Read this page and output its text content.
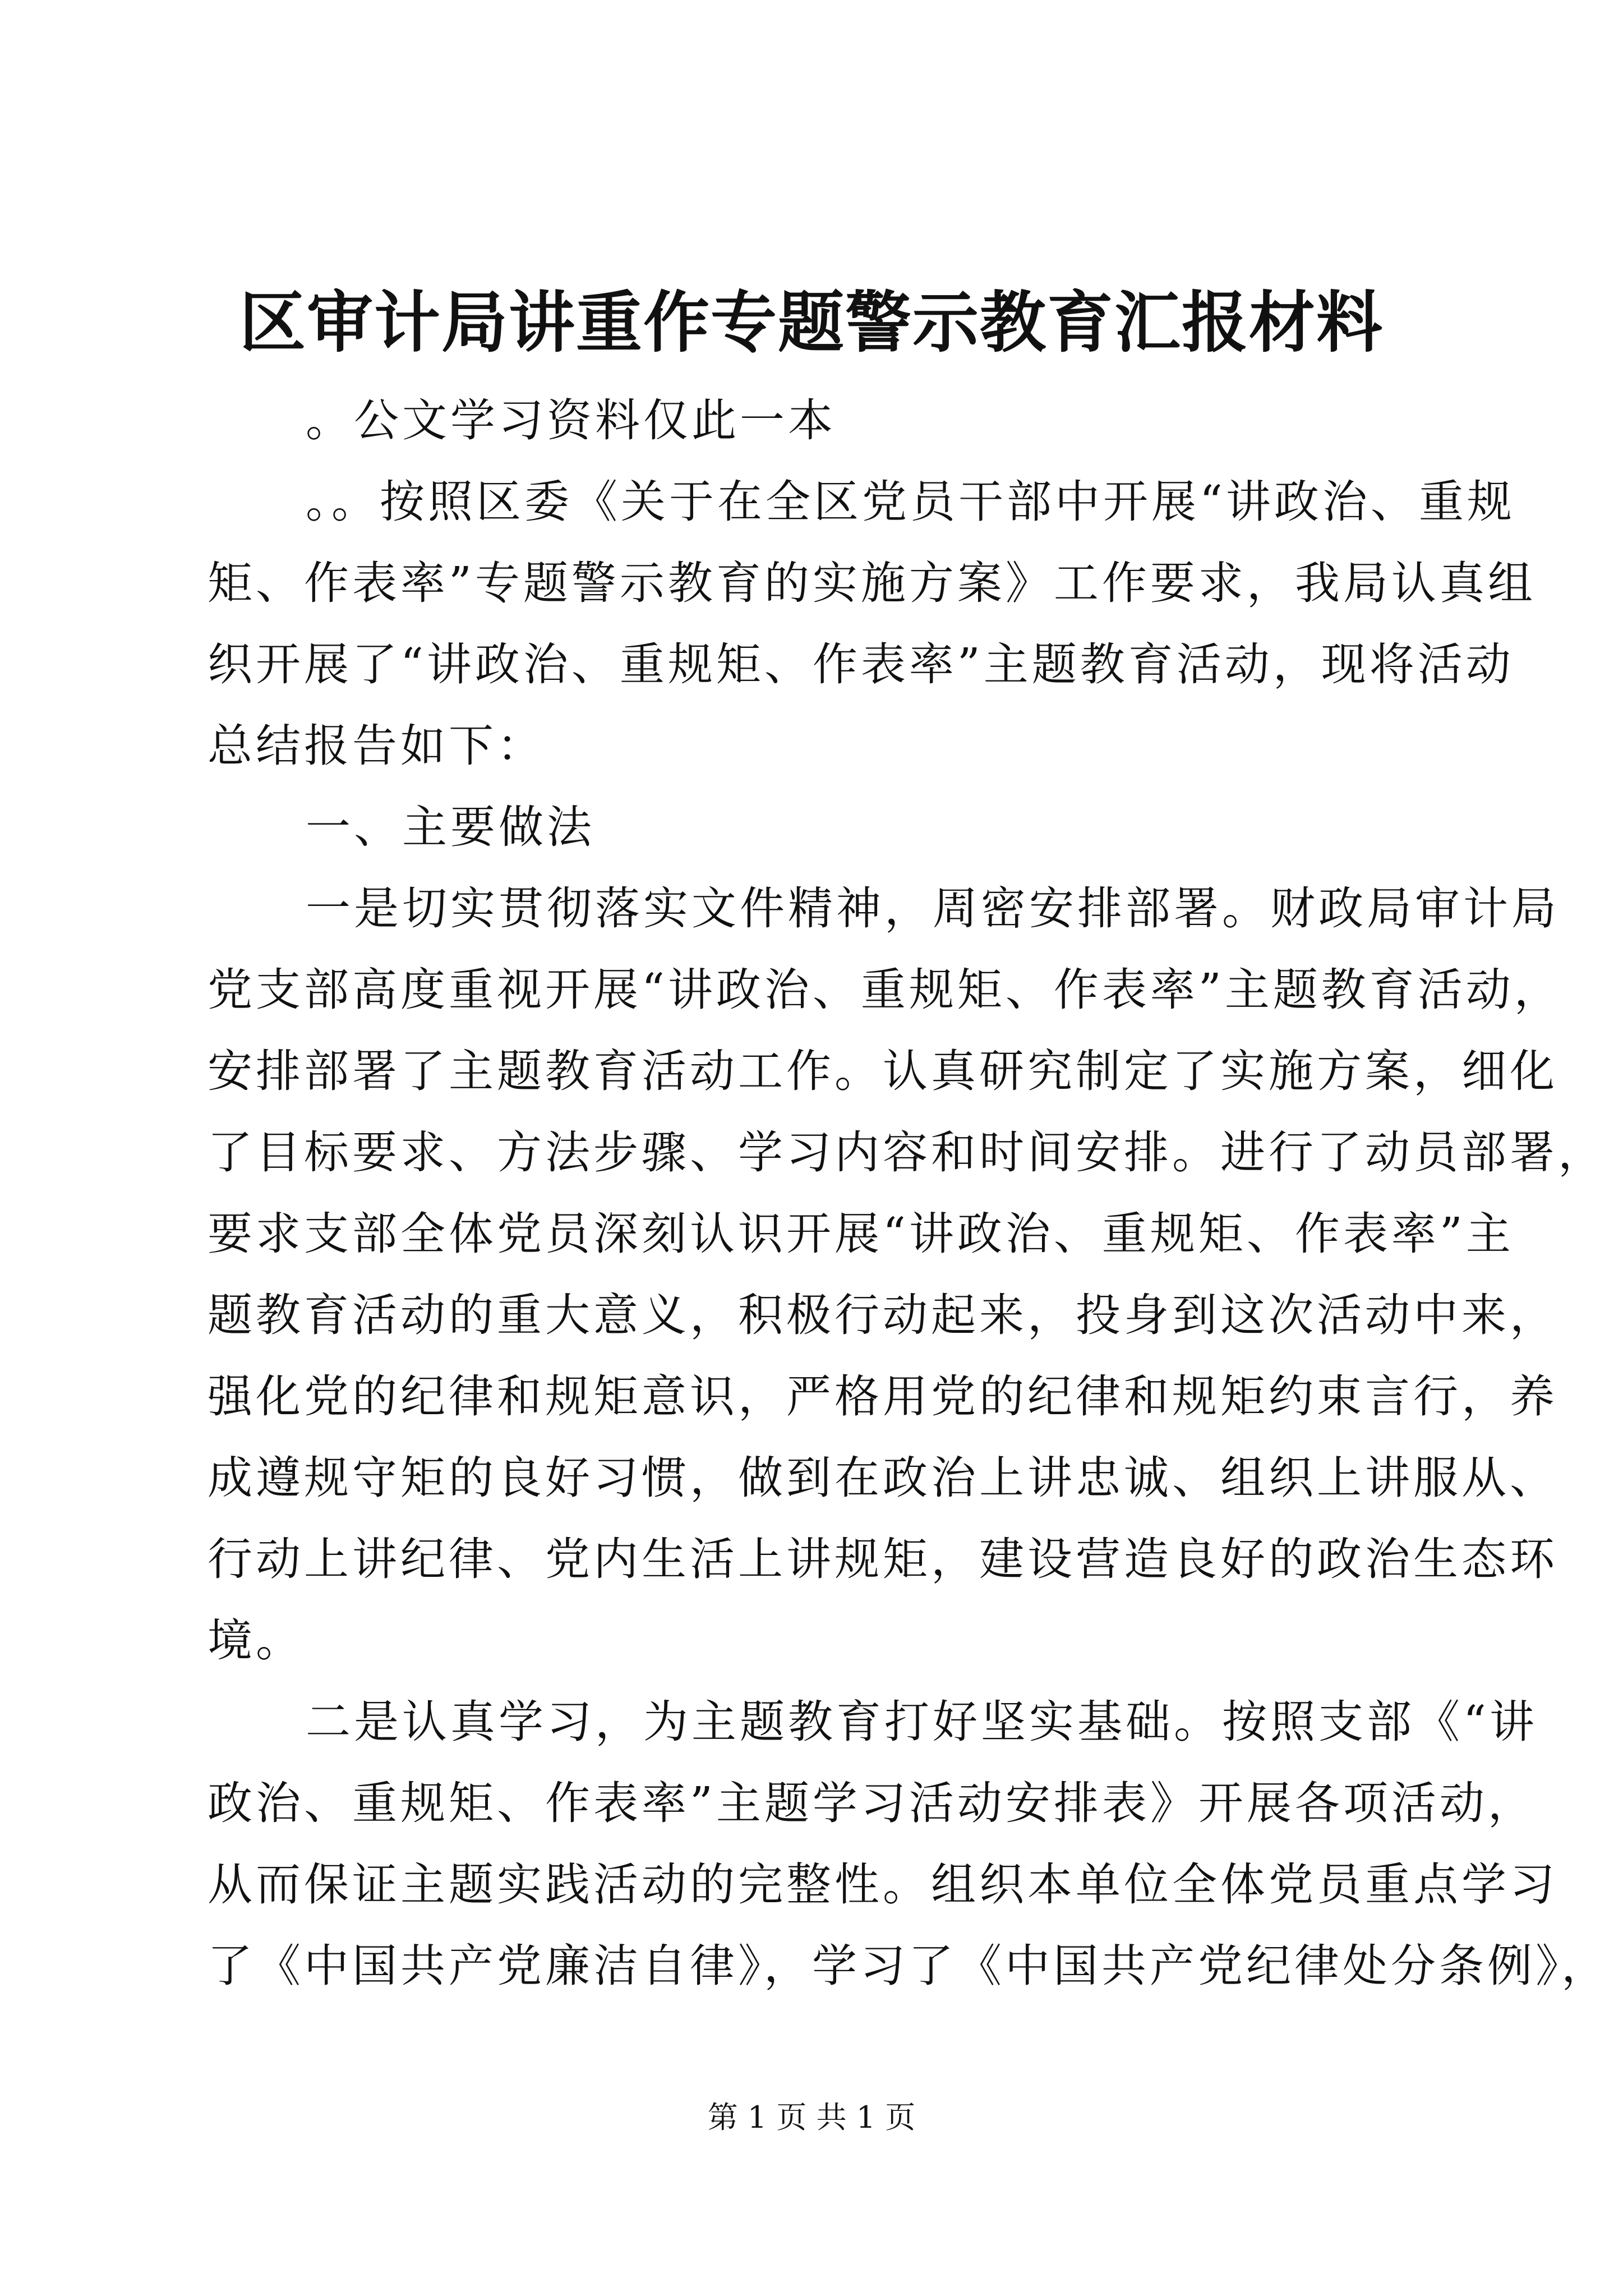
区审计局讲重作专题警示教育汇报材料
。公文学习资料仅此一本
。。按照区委《关于在全区党员干部中开展“讲政治、重规
矩、作表率”专题警示教育的实施方案》工作要求，我局认真组
织开展了“讲政治、重规矩、作表率”主题教育活动，现将活动
总结报告如下：
一、主要做法
一是切实贯彻落实文件精神，周密安排部署。财政局审计局
党支部高度重视开展“讲政治、重规矩、作表率”主题教育活动，
安排部署了主题教育活动工作。认真研究制定了实施方案，细化
了目标要求、方法步骤、学习内容和时间安排。进行了动员部署，
要求支部全体党员深刻认识开展“讲政治、重规矩、作表率”主
题教育活动的重大意义，积极行动起来，投身到这次活动中来，
强化党的纪律和规矩意识，严格用党的纪律和规矩约束言行，养
成遵规守矩的良好习惯，做到在政治上讲忠诚、组织上讲服从、
行动上讲纪律、党内生活上讲规矩，建设营造良好的政治生态环
境。
二是认真学习，为主题教育打好坚实基础。按照支部《“讲
政治、重规矩、作表率”主题学习活动安排表》开展各项活动，
从而保证主题实践活动的完整性。组织本单位全体党员重点学习
了《中国共产党廉洁自律》，学习了《中国共产党纪律处分条例》，
第 1 页 共 1 页
